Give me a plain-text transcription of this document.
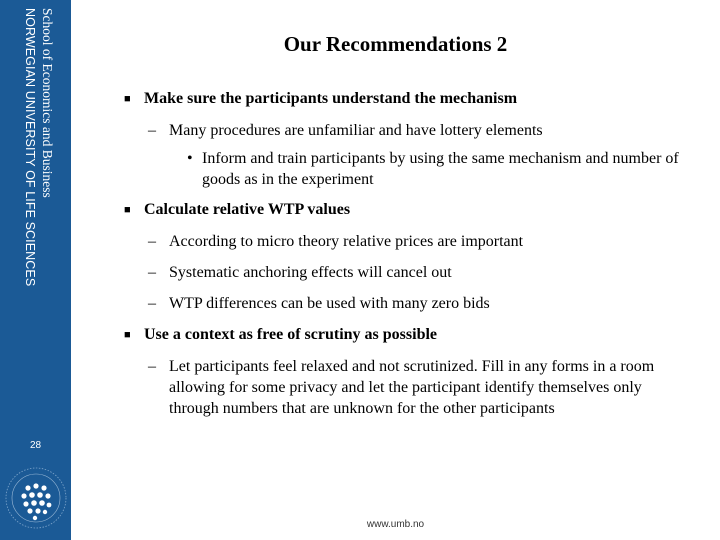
School of Economics and Business
NORWEGIAN UNIVERSITY OF LIFE SCIENCES
28
Our Recommendations 2
■ Make sure the participants understand the mechanism
– Many procedures are unfamiliar and have lottery elements
• Inform and train participants by using the same mechanism and number of goods as in the experiment
■ Calculate relative WTP values
– According to micro theory relative prices are important
– Systematic anchoring effects will cancel out
– WTP differences can be used with many zero bids
■ Use a context as free of scrutiny as possible
– Let participants feel relaxed and not scrutinized. Fill in any forms in a room allowing for some privacy and let the participant identify themselves only through numbers that are unknown for the other participants
www.umb.no
